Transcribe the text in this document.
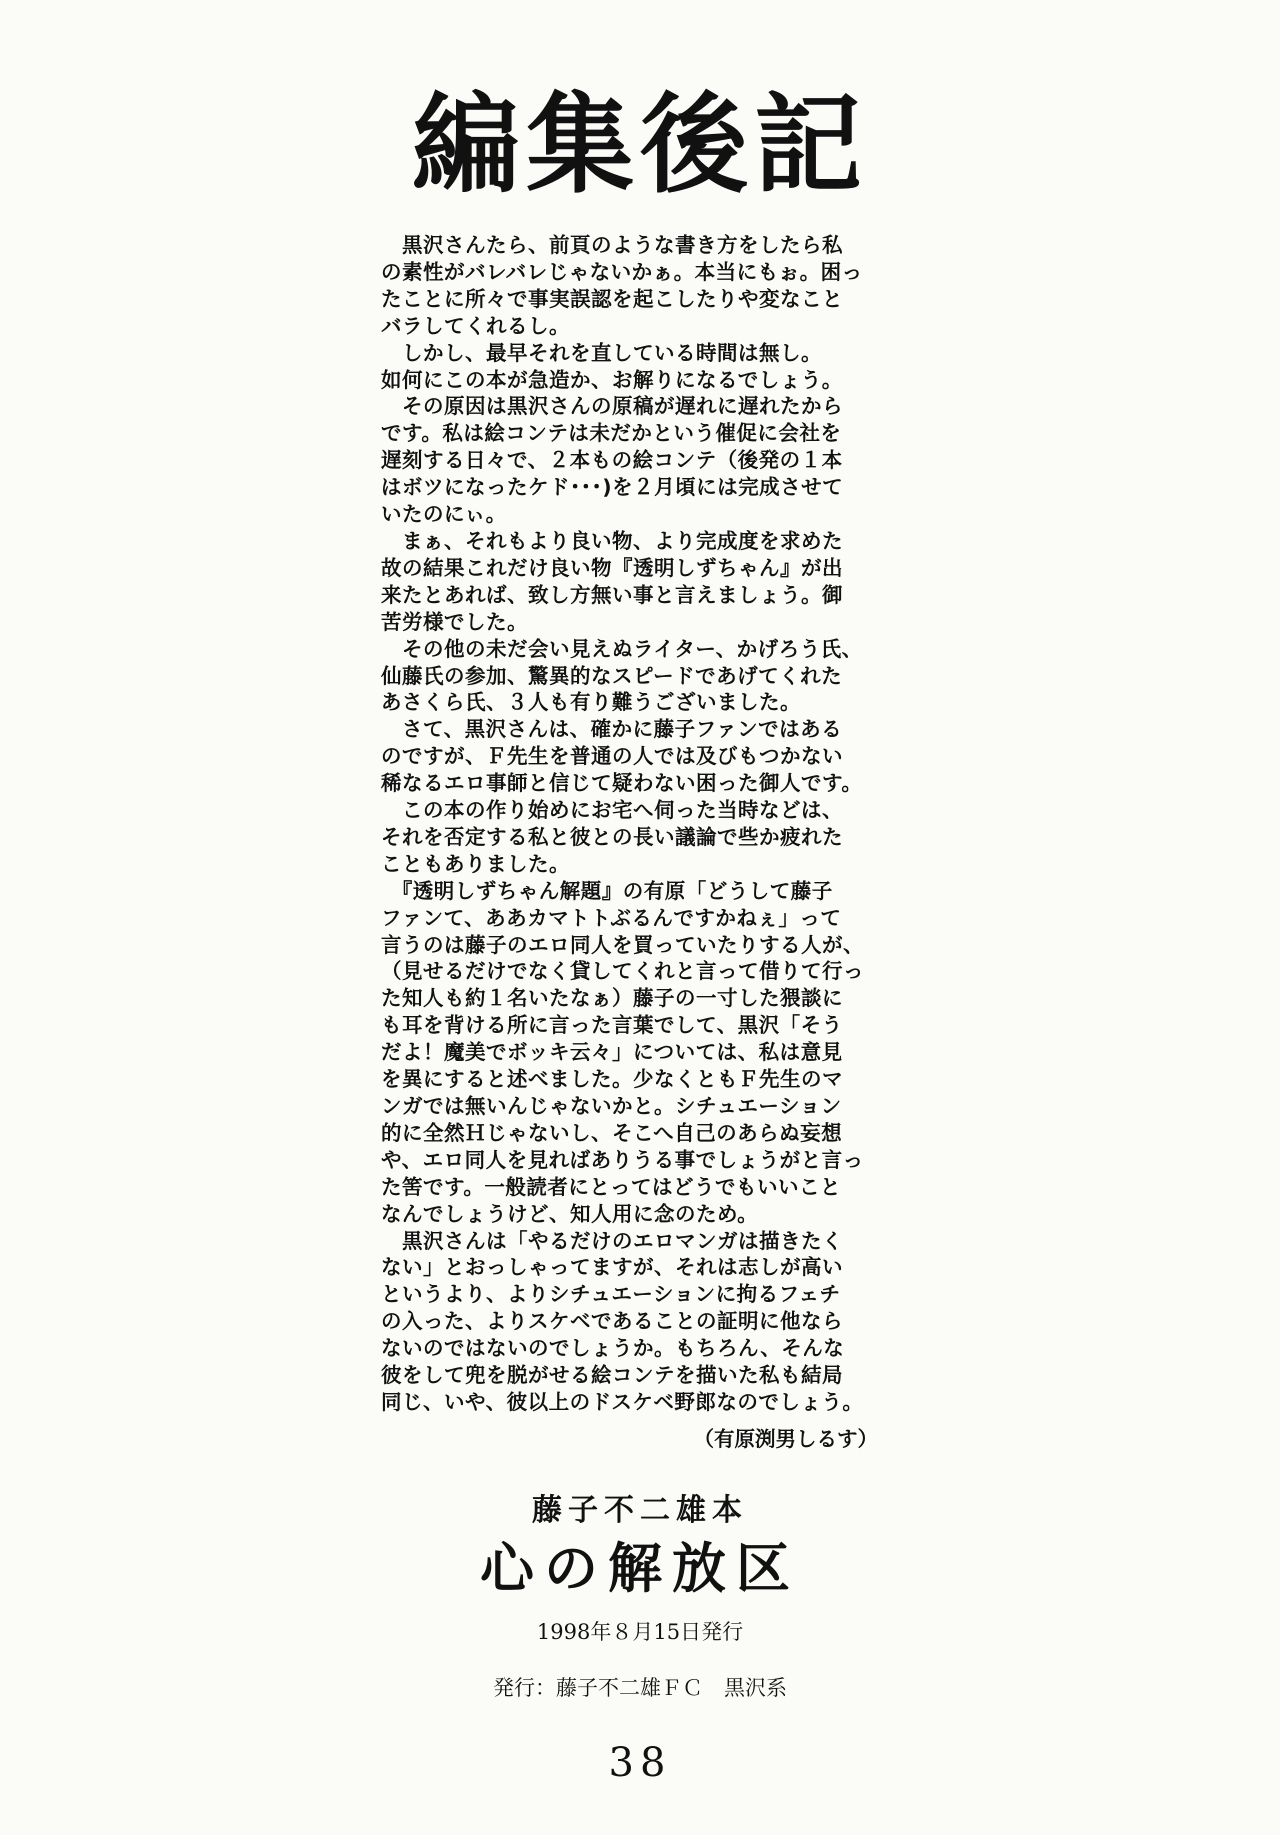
編集後記
　黒沢さんたら、前頁のような書き方をしたら私
の素性がバレバレじゃないかぁ。本当にもぉ。困っ
たことに所々で事実誤認を起こしたりや変なこと
バラしてくれるし。
　しかし、最早それを直している時間は無し。
如何にこの本が急造か、お解りになるでしょう。
　その原因は黒沢さんの原稿が遅れに遅れたから
です。私は絵コンテは未だかという催促に会社を
遅刻する日々で、２本もの絵コンテ（後発の１本
はボツになったケド･･･)を２月頃には完成させて
いたのにぃ。
　まぁ、それもより良い物、より完成度を求めた
故の結果これだけ良い物『透明しずちゃん』が出
来たとあれば、致し方無い事と言えましょう。御
苦労様でした。
　その他の未だ会い見えぬライター、かげろう氏、
仙藤氏の参加、驚異的なスピードであげてくれた
あさくら氏、３人も有り難うございました。
　さて、黒沢さんは、確かに藤子ファンではある
のですが、Ｆ先生を普通の人では及びもつかない
稀なるエロ事師と信じて疑わない困った御人です。
　この本の作り始めにお宅へ伺った当時などは、
それを否定する私と彼との長い議論で些か疲れた
こともありました。
　『透明しずちゃん解題』の有原「どうして藤子
ファンて、ああカマトトぶるんですかねぇ」って
言うのは藤子のエロ同人を買っていたりする人が、
（見せるだけでなく貸してくれと言って借りて行っ
た知人も約１名いたなぁ）藤子の一寸した猥談に
も耳を背ける所に言った言葉でして、黒沢「そう
だよ！魔美でボッキ云々」については、私は意見
を異にすると述べました。少なくともＦ先生のマ
ンガでは無いんじゃないかと。シチュエーション
的に全然Ｈじゃないし、そこへ自己のあらぬ妄想
や、エロ同人を見ればありうる事でしょうがと言っ
た筈です。一般読者にとってはどうでもいいこと
なんでしょうけど、知人用に念のため。
　黒沢さんは「やるだけのエロマンガは描きたく
ない」とおっしゃってますが、それは志しが高い
というより、よりシチュエーションに拘るフェチ
の入った、よりスケベであることの証明に他なら
ないのではないのでしょうか。もちろん、そんな
彼をして兜を脱がせる絵コンテを描いた私も結局
同じ、いや、彼以上のドスケベ野郎なのでしょう。
（有原渕男しるす）
藤子不二雄本
心の解放区
1998年８月15日発行
発行：藤子不二雄ＦＣ　黒沢系
38
